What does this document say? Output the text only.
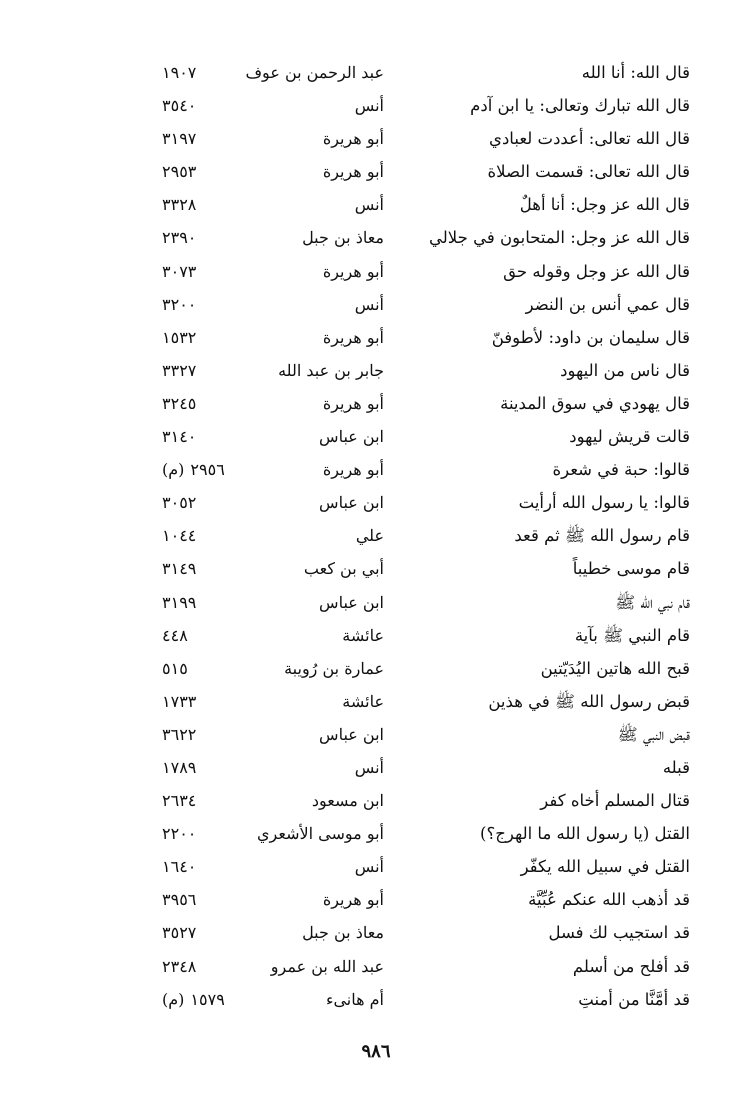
قال الله: أنا الله
عبد الرحمن بن عوف
١٩٠٧
قال الله تبارك وتعالى: يا ابن آدم
أنس
٣٥٤٠
قال الله تعالى: أعددت لعبادي
أبو هريرة
٣١٩٧
قال الله تعالى: قسمت الصلاة
أبو هريرة
٢٩٥٣
قال الله عز وجل: أنا أهلٌ
أنس
٣٣٢٨
قال الله عز وجل: المتحابون في جلالي
معاذ بن جبل
٢٣٩٠
قال الله عز وجل وقوله حق
أبو هريرة
٣٠٧٣
قال عمي أنس بن النضر
أنس
٣٢٠٠
قال سليمان بن داود: لأطوفنّ
أبو هريرة
١٥٣٢
قال ناس من اليهود
جابر بن عبد الله
٣٣٢٧
قال يهودي في سوق المدينة
أبو هريرة
٣٢٤٥
قالت قريش ليهود
ابن عباس
٣١٤٠
قالوا: حبة في شعرة
أبو هريرة
(م) ٢٩٥٦
قالوا: يا رسول الله أرأيت
ابن عباس
٣٠٥٢
قام رسول الله ﷺ ثم قعد
علي
١٠٤٤
قام موسى خطيباً
أبي بن كعب
٣١٤٩
قام نبي الله ﷺ
ابن عباس
٣١٩٩
قام النبي ﷺ بآية
عائشة
٤٤٨
قبح الله هاتين اليُدَيّتين
عمارة بن رُويبة
٥١٥
قبض رسول الله ﷺ في هذين
عائشة
١٧٣٣
قبض النبي ﷺ
ابن عباس
٣٦٢٢
قبله
أنس
١٧٨٩
قتال المسلم أخاه كفر
ابن مسعود
٢٦٣٤
القتل (يا رسول الله ما الهرج؟)
أبو موسى الأشعري
٢٢٠٠
القتل في سبيل الله يكفّر
أنس
١٦٤٠
قد أذهب الله عنكم عُبِّيَّة
أبو هريرة
٣٩٥٦
قد استجيب لك فسل
معاذ بن جبل
٣٥٢٧
قد أفلح من أسلم
عبد الله بن عمرو
٢٣٤٨
قد أمَّنَّا من أمنتِ
أم هانىء
(م) ١٥٧٩
٩٨٦
